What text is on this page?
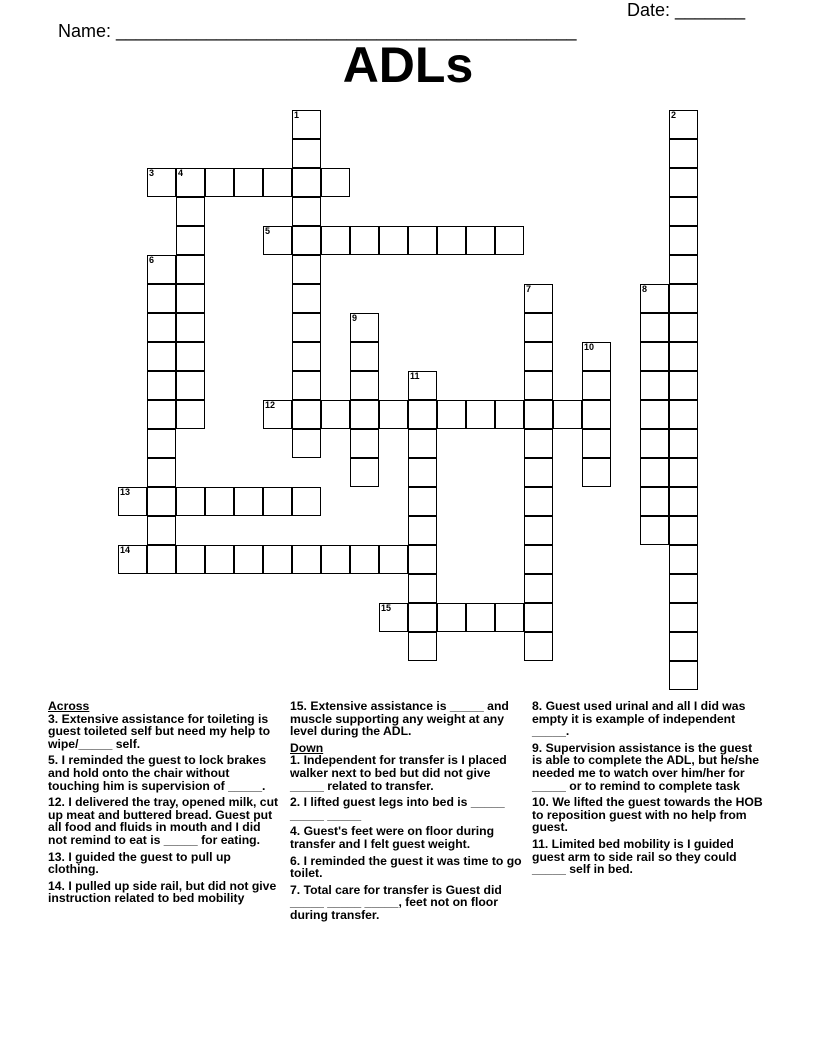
Name: ______________________________________________

Date: _______

ADLs
1	2
3	4
5
6
7	8
9
10
11
12
13
14
15
Across
3. Extensive assistance for toileting is guest toileted self but need my help to wipe/_____ self.
5. I reminded the guest to lock brakes and hold onto the chair without touching him is supervision of _____.
12. I delivered the tray, opened milk, cut up meat and buttered bread. Guest put all food and fluids in mouth and I did not remind to eat is _____ for eating.
13. I guided the guest to pull up clothing.
14. I pulled up side rail, but did not give instruction related to bed mobility
15. Extensive assistance is _____ and muscle supporting any weight at any level during the ADL.
Down
1. Independent for transfer is I placed walker next to bed but did not give _____ related to transfer.
2. I lifted guest legs into bed is _____ _____ _____
4. Guest's feet were on floor during transfer and I felt guest weight.
6. I reminded the guest it was time to go toilet.
7. Total care for transfer is Guest did _____ _____ _____, feet not on floor during transfer.
8. Guest used urinal and all I did was empty it is example of independent _____.
9. Supervision assistance is the guest is able to complete the ADL, but he/she needed me to watch over him/her for _____ or to remind to complete task
10. We lifted the guest towards the HOB to reposition guest with no help from guest.
11. Limited bed mobility is I guided guest arm to side rail so they could _____ self in bed.
